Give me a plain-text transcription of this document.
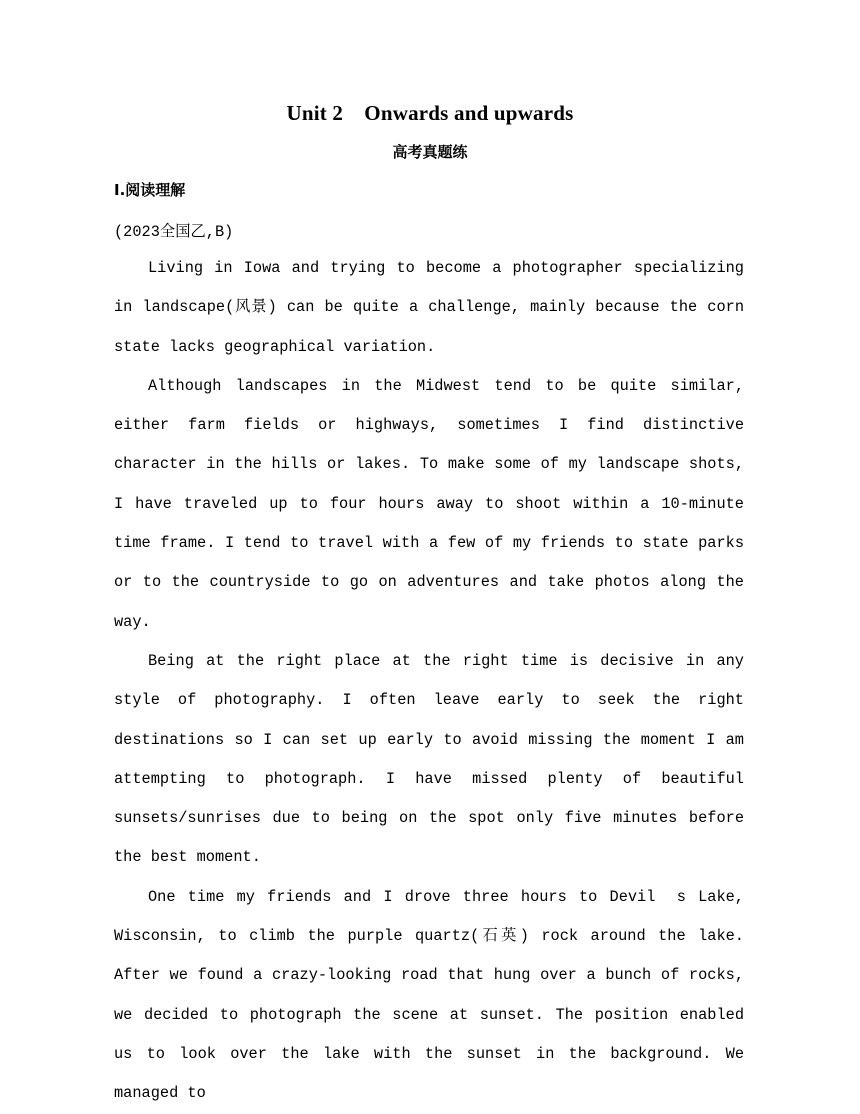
Unit 2　Onwards and upwards
高考真题练
Ⅰ.阅读理解
(2023全国乙,B)

Living in Iowa and trying to become a photographer specializing in landscape(风景) can be quite a challenge, mainly because the corn state lacks geographical variation.

Although landscapes in the Midwest tend to be quite similar, either farm fields or highways, sometimes I find distinctive character in the hills or lakes. To make some of my landscape shots, I have traveled up to four hours away to shoot within a 10-minute time frame. I tend to travel with a few of my friends to state parks or to the countryside to go on adventures and take photos along the way.

Being at the right place at the right time is decisive in any style of photography. I often leave early to seek the right destinations so I can set up early to avoid missing the moment I am attempting to photograph. I have missed plenty of beautiful sunsets/sunrises due to being on the spot only five minutes before the best moment.

One time my friends and I drove three hours to Devil　s Lake, Wisconsin, to climb the purple quartz(石英) rock around the lake. After we found a crazy-looking road that hung over a bunch of rocks, we decided to photograph the scene at sunset. The position enabled us to look over the lake with the sunset in the background. We managed to
